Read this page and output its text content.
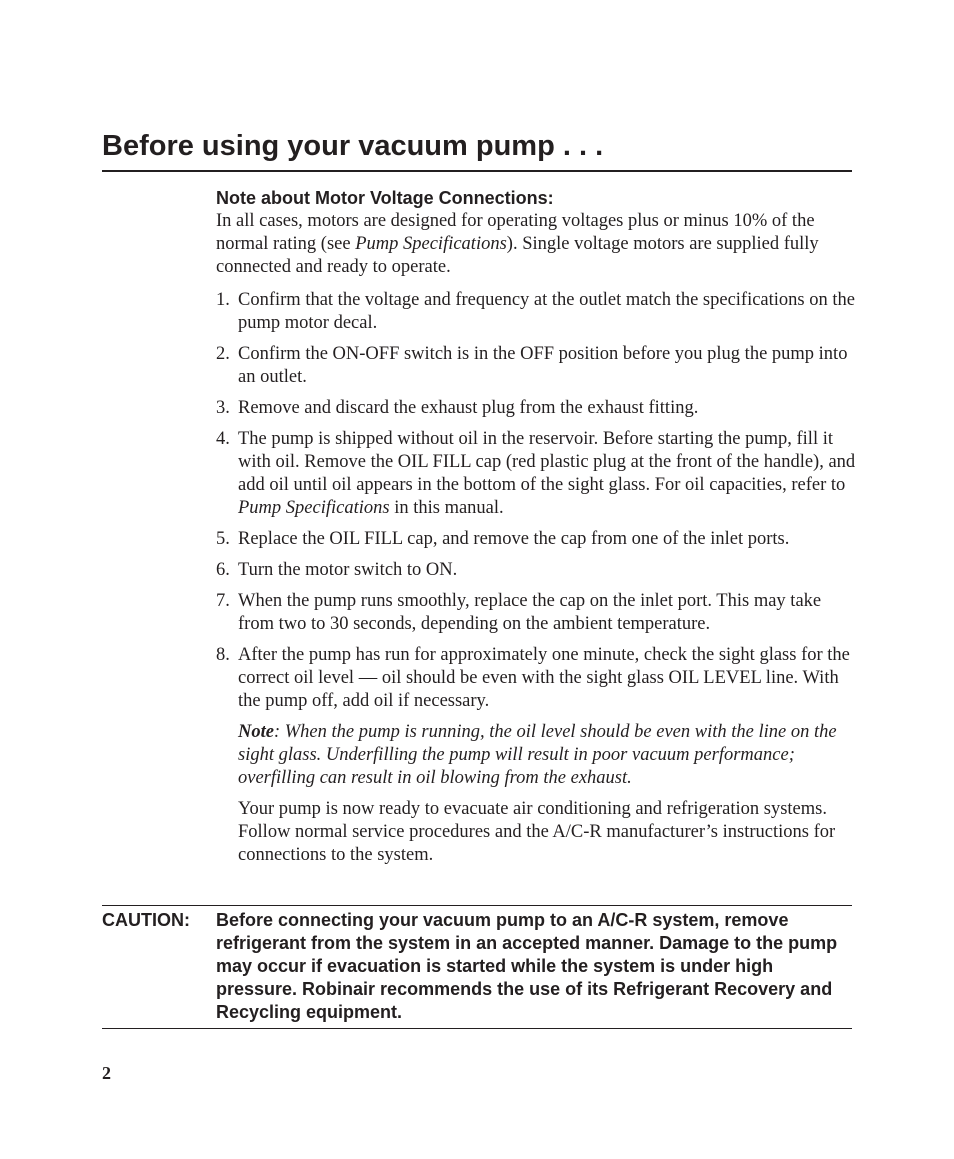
Before using your vacuum pump . . .

Note about Motor Voltage Connections:

In all cases, motors are designed for operating voltages plus or minus 10% of the normal rating (see Pump Specifications). Single voltage motors are supplied fully connected and ready to operate.

1. Confirm that the voltage and frequency at the outlet match the specifications on the pump motor decal.
2. Confirm the ON-OFF switch is in the OFF position before you plug the pump into an outlet.
3. Remove and discard the exhaust plug from the exhaust fitting.
4. The pump is shipped without oil in the reservoir. Before starting the pump, fill it with oil. Remove the OIL FILL cap (red plastic plug at the front of the handle), and add oil until oil appears in the bottom of the sight glass. For oil capacities, refer to Pump Specifications in this manual.
5. Replace the OIL FILL cap, and remove the cap from one of the inlet ports.
6. Turn the motor switch to ON.
7. When the pump runs smoothly, replace the cap on the inlet port. This may take from two to 30 seconds, depending on the ambient temperature.
8. After the pump has run for approximately one minute, check the sight glass for the correct oil level — oil should be even with the sight glass OIL LEVEL line. With the pump off, add oil if necessary.

Note: When the pump is running, the oil level should be even with the line on the sight glass. Underfilling the pump will result in poor vacuum performance; overfilling can result in oil blowing from the exhaust.

Your pump is now ready to evacuate air conditioning and refrigeration systems. Follow normal service procedures and the A/C-R manufacturer’s instructions for connections to the system.

CAUTION: Before connecting your vacuum pump to an A/C-R system, remove refrigerant from the system in an accepted manner. Damage to the pump may occur if evacuation is started while the system is under high pressure. Robinair recommends the use of its Refrigerant Recovery and Recycling equipment.
2
